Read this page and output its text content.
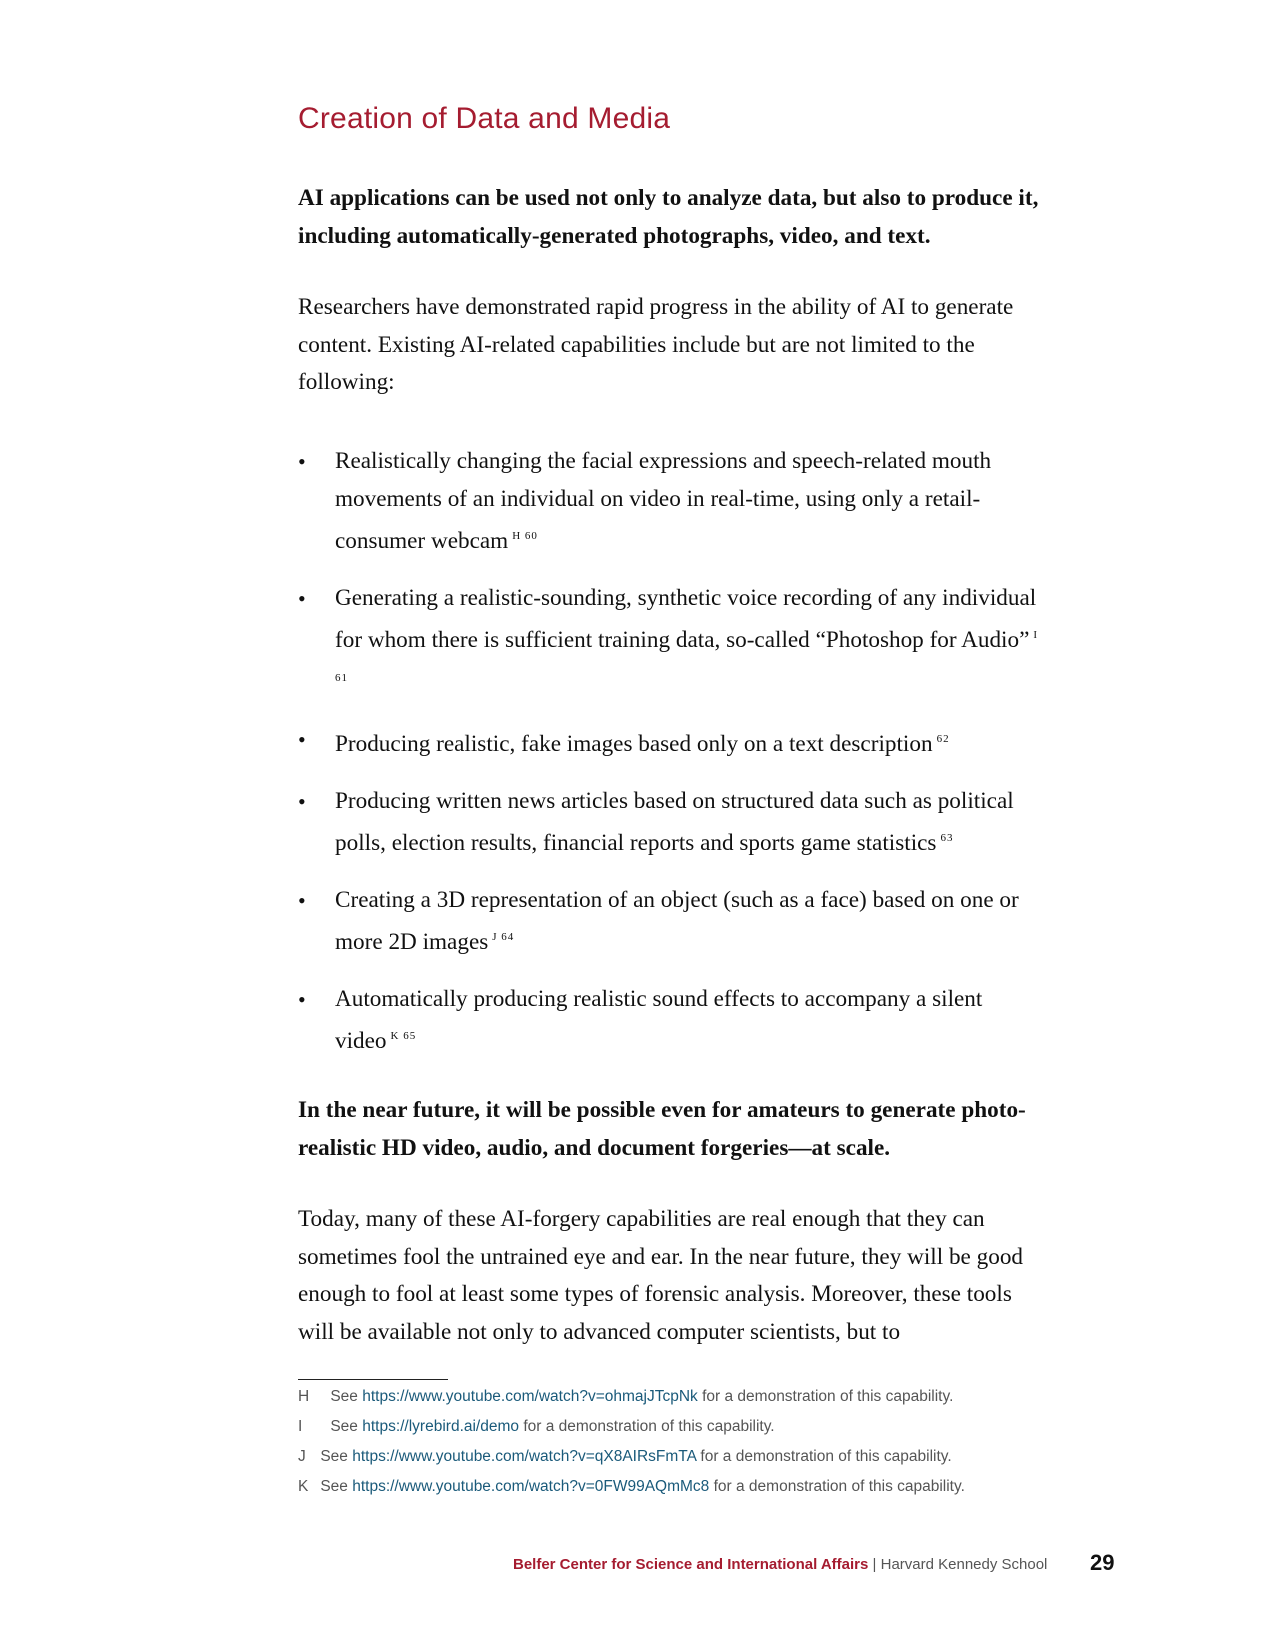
Creation of Data and Media

AI applications can be used not only to analyze data, but also to produce it, including automatically-generated photographs, video, and text.

Researchers have demonstrated rapid progress in the ability of AI to generate content. Existing AI-related capabilities include but are not limited to the following:

• Realistically changing the facial expressions and speech-related mouth movements of an individual on video in real-time, using only a retail-consumer webcam $^{H 60}$
• Generating a realistic-sounding, synthetic voice recording of any individual for whom there is sufficient training data, so-called “Photoshop for Audio” $^{I 61}$
• Producing realistic, fake images based only on a text description $^{62}$
• Producing written news articles based on structured data such as political polls, election results, financial reports and sports game statistics $^{63}$
• Creating a 3D representation of an object (such as a face) based on one or more 2D images $^{J 64}$
• Automatically producing realistic sound effects to accompany a silent video $^{K 65}$

In the near future, it will be possible even for amateurs to generate photo-realistic HD video, audio, and document forgeries—at scale.

Today, many of these AI-forgery capabilities are real enough that they can sometimes fool the untrained eye and ear. In the near future, they will be good enough to fool at least some types of forensic analysis. Moreover, these tools will be available not only to advanced computer scientists, but to

H See https://www.youtube.com/watch?v=ohmajJTcpNk for a demonstration of this capability.
I See https://lyrebird.ai/demo for a demonstration of this capability.
J See https://www.youtube.com/watch?v=qX8AIRsFmTA for a demonstration of this capability.
K See https://www.youtube.com/watch?v=0FW99AQmMc8 for a demonstration of this capability.
Belfer Center for Science and International Affairs | Harvard Kennedy School 29
